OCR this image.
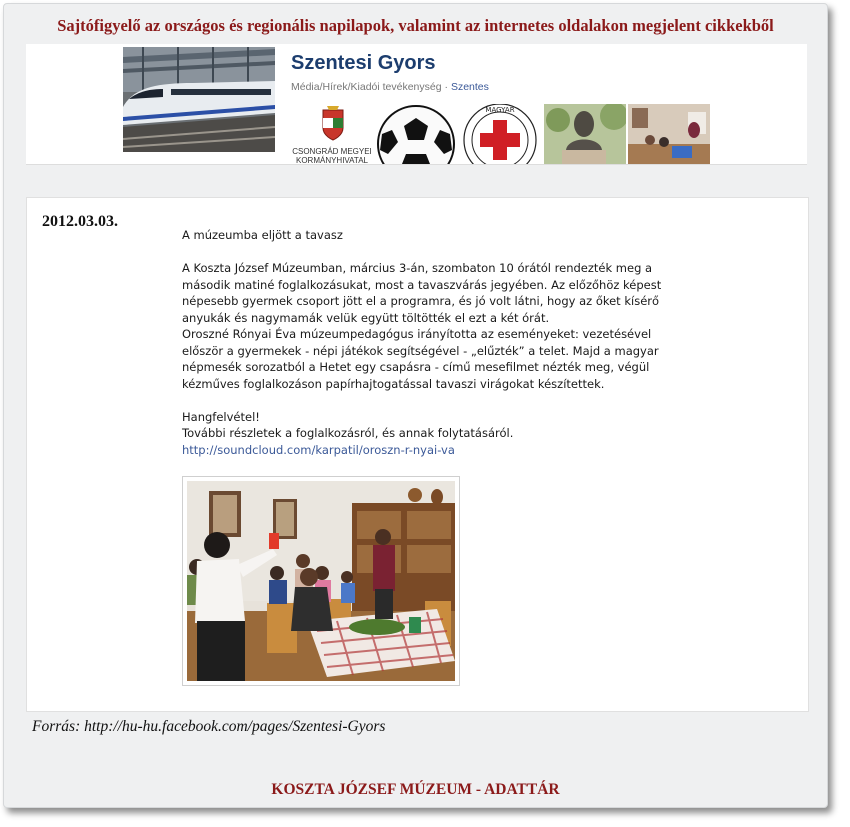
Sajtófigyelő az országos és regionális napilapok, valamint az internetes oldalakon megjelent cikkekből
Szentesi Gyors
Média/Hírek/Kiadói tevékenység · Szentes
CSONGRÁD MEGYEI
KORMÁNYHIVATAL
MAGYAR
2012.03.03.

A múzeumba eljött a tavasz

A Koszta József Múzeumban, március 3-án, szombaton 10 órától rendezték meg a

második matiné foglalkozásukat, most a tavaszvárás jegyében. Az előzőhöz képest

népesebb gyermek csoport jött el a programra, és jó volt látni, hogy az őket kísérő

anyukák és nagymamák velük együtt töltötték el ezt a két órát.

Oroszné Rónyai Éva múzeumpedagógus irányította az eseményeket: vezetésével

először a gyermekek - népi játékok segítségével - „elűzték” a telet. Majd a magyar

népmesék sorozatból a Hetet egy csapásra - című mesefilmet nézték meg, végül

kézműves foglalkozáson papírhajtogatással tavaszi virágokat készítettek.

Hangfelvétel!

További részletek a foglalkozásról, és annak folytatásáról.

http://soundcloud.com/karpatil/oroszn-r-nyai-va

Forrás: http://hu-hu.facebook.com/pages/Szentesi-Gyors
KOSZTA JÓZSEF MÚZEUM - ADATTÁR
